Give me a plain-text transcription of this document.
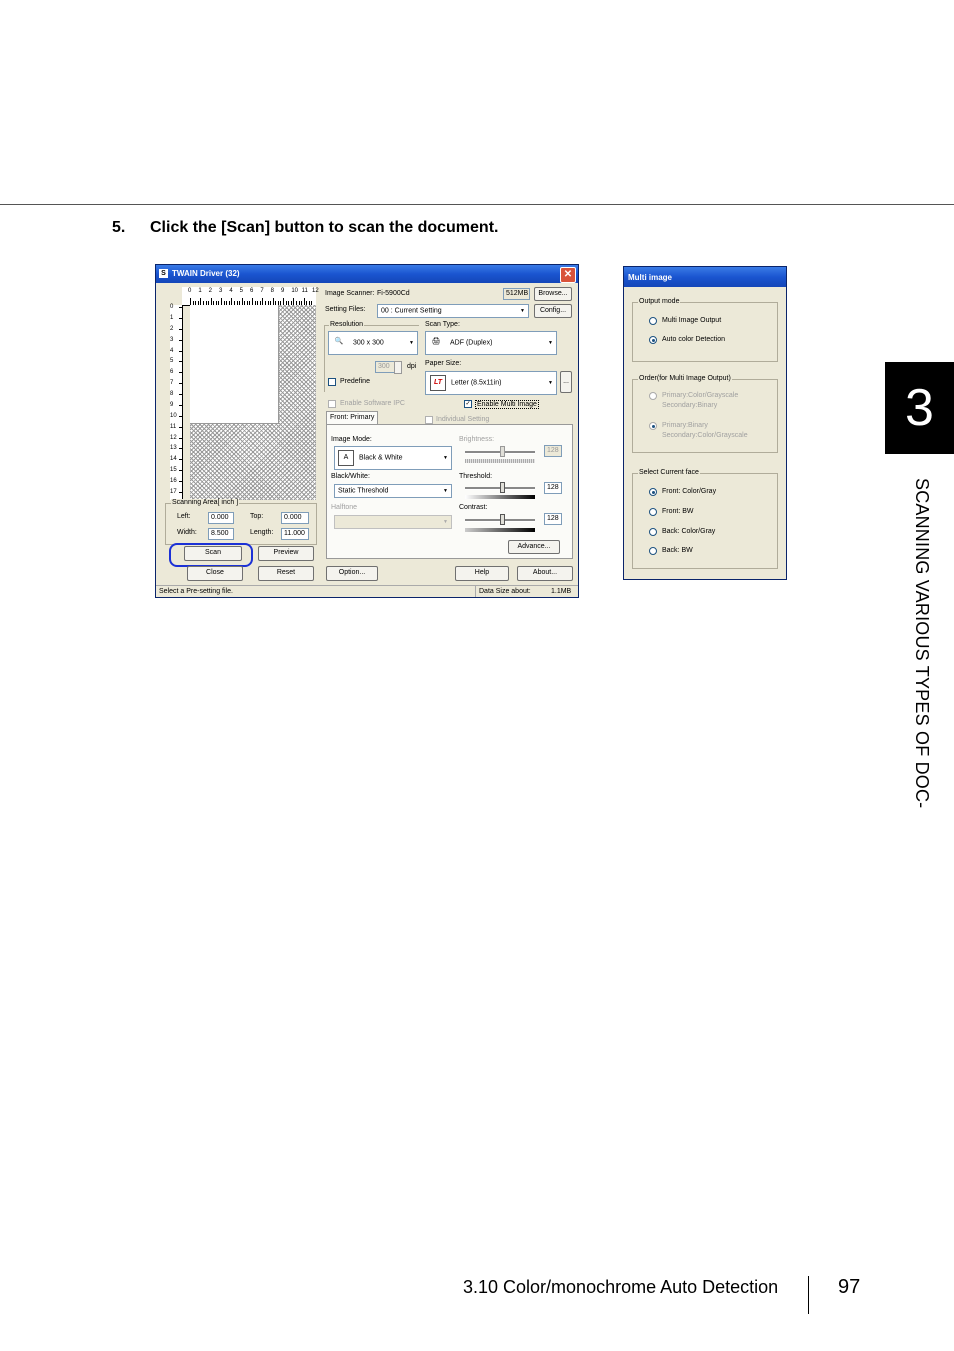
5. Click the [Scan] button to scan the document.
3
SCANNING VARIOUS TYPES OF DOC-
3.10 Color/monochrome Auto Detection	97
S TWAIN Driver (32)	✕
0 1 2 3 4 5 6 7 8 9 10 11 12
0
1
2
3
4
5
6
7
8
9
10
11
12
13
14
15
16
17
Scanning Area[ inch ]
Left:	0.000	Top:	0.000
Width:	8.500	Length:	11.000
Scan	Preview
Close	Reset
Image Scanner: Fi-5900Cd	512MB	Browse...
Setting Files: 00 : Current Setting ▼	Config...
Resolution
🔍	300 x 300
▼
300	dpi
Predefine
Scan Type:
🖨	ADF (Duplex)
▼
Paper Size:
LT	Letter (8.5x11in) ▼	...
Enable Software IPC	✓ Enable Multi Image
Front: Primary	Individual Setting
Image Mode:
A	Black & White
▼
Black/White:
Static Threshold
▼
Halftone
▼
Brightness:
128
Threshold:
128
Contrast:
128
Advance...
Option...	Help	About...
Select a Pre-setting file.	Data Size about:	1.1MB
Multi image
Output mode
Multi Image Output
Auto color Detection
Order(for Multi Image Output)
Primary:Color/Grayscale
Secondary:Binary
Primary:Binary
Secondary:Color/Grayscale
Select Current face
Front: Color/Gray
Front: BW
Back: Color/Gray
Back: BW
